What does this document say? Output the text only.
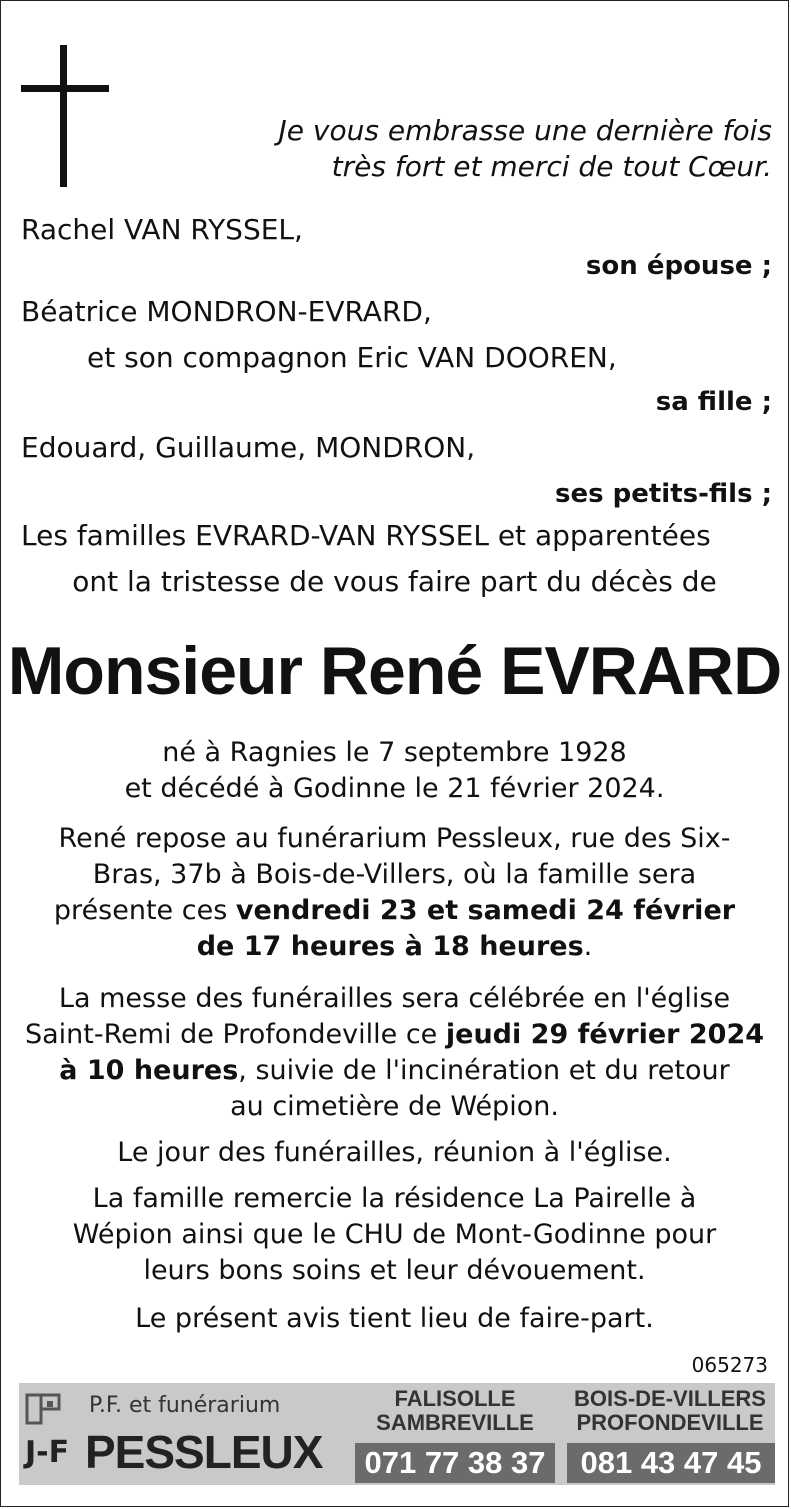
Je vous embrasse une dernière fois
très fort et merci de tout Cœur.
Rachel VAN RYSSEL,
son épouse ;
Béatrice MONDRON-EVRARD,
et son compagnon Eric VAN DOOREN,
sa fille ;
Edouard, Guillaume, MONDRON,
ses petits-fils ;
Les familles EVRARD-VAN RYSSEL et apparentées
ont la tristesse de vous faire part du décès de
Monsieur René EVRARD
né à Ragnies le 7 septembre 1928
et décédé à Godinne le 21 février 2024.
René repose au funérarium Pessleux, rue des Six-
Bras, 37b à Bois-de-Villers, où la famille sera
présente ces vendredi 23 et samedi 24 février
de 17 heures à 18 heures.
La messe des funérailles sera célébrée en l'église
Saint-Remi de Profondeville ce jeudi 29 février 2024
à 10 heures, suivie de l'incinération et du retour
au cimetière de Wépion.
Le jour des funérailles, réunion à l'église.
La famille remercie la résidence La Pairelle à
Wépion ainsi que le CHU de Mont-Godinne pour
leurs bons soins et leur dévouement.
Le présent avis tient lieu de faire-part.
065273
P.F. et funérarium
J-F PESSLEUX
FALISOLLE
SAMBREVILLE
071 77 38 37
BOIS-DE-VILLERS
PROFONDEVILLE
081 43 47 45
